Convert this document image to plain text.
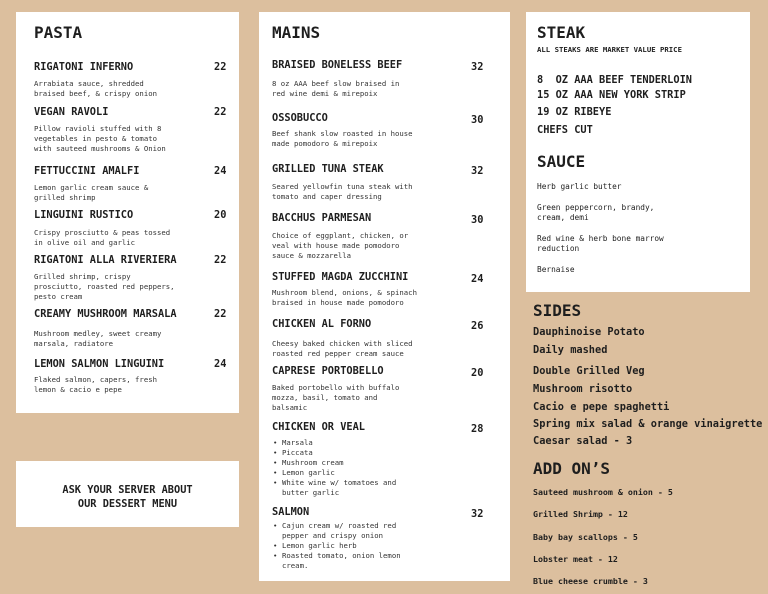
PASTA
RIGATONI INFERNO	22
Arrabiata sauce, shredded
braised beef, & crispy onion
VEGAN RAVOLI	22
Pillow ravioli stuffed with 8
vegetables in pesto & tomato
with sauteed mushrooms & Onion
FETTUCCINI AMALFI	24
Lemon garlic cream sauce &
grilled shrimp
LINGUINI RUSTICO	20
Crispy prosciutto & peas tossed
in olive oil and garlic
RIGATONI ALLA RIVERIERA	22
Grilled shrimp, crispy
prosciutto, roasted red peppers,
pesto cream
CREAMY MUSHROOM MARSALA	22
Mushroom medley, sweet creamy
marsala, radiatore
LEMON SALMON LINGUINI	24
Flaked salmon, capers, fresh
lemon & cacio e pepe
ASK YOUR SERVER ABOUT
OUR DESSERT MENU
MAINS
BRAISED BONELESS BEEF	32
8 oz AAA beef slow braised in
red wine demi & mirepoix
OSSOBUCCO	30
Beef shank slow roasted in house
made pomodoro & mirepoix
GRILLED TUNA STEAK	32
Seared yellowfin tuna steak with
tomato and caper dressing
BACCHUS PARMESAN	30
Choice of eggplant, chicken, or
veal with house made pomodoro
sauce & mozzarella
STUFFED MAGDA ZUCCHINI	24
Mushroom blend, onions, & spinach
braised in house made pomodoro
CHICKEN AL FORNO	26
Cheesy baked chicken with sliced
roasted red pepper cream sauce
CAPRESE PORTOBELLO	20
Baked portobello with buffalo
mozza, basil, tomato and
balsamic
CHICKEN OR VEAL	28
• Marsala
• Piccata
• Mushroom cream
• Lemon garlic
• White wine w/ tomatoes and
butter garlic
SALMON	32
• Cajun cream w/ roasted red
pepper and crispy onion
• Lemon garlic herb
• Roasted tomato, onion lemon
cream.
STEAK
ALL STEAKS ARE MARKET VALUE PRICE
8  OZ AAA BEEF TENDERLOIN
15 OZ AAA NEW YORK STRIP
19 OZ RIBEYE
CHEFS CUT
SAUCE
Herb garlic butter
Green peppercorn, brandy,
cream, demi
Red wine & herb bone marrow
reduction
Bernaise
SIDES
Dauphinoise Potato
Daily mashed
Double Grilled Veg
Mushroom risotto
Cacio e pepe spaghetti
Spring mix salad & orange vinaigrette
Caesar salad - 3
ADD ON’S
Sauteed mushroom & onion - 5
Grilled Shrimp - 12
Baby bay scallops - 5
Lobster meat - 12
Blue cheese crumble - 3
